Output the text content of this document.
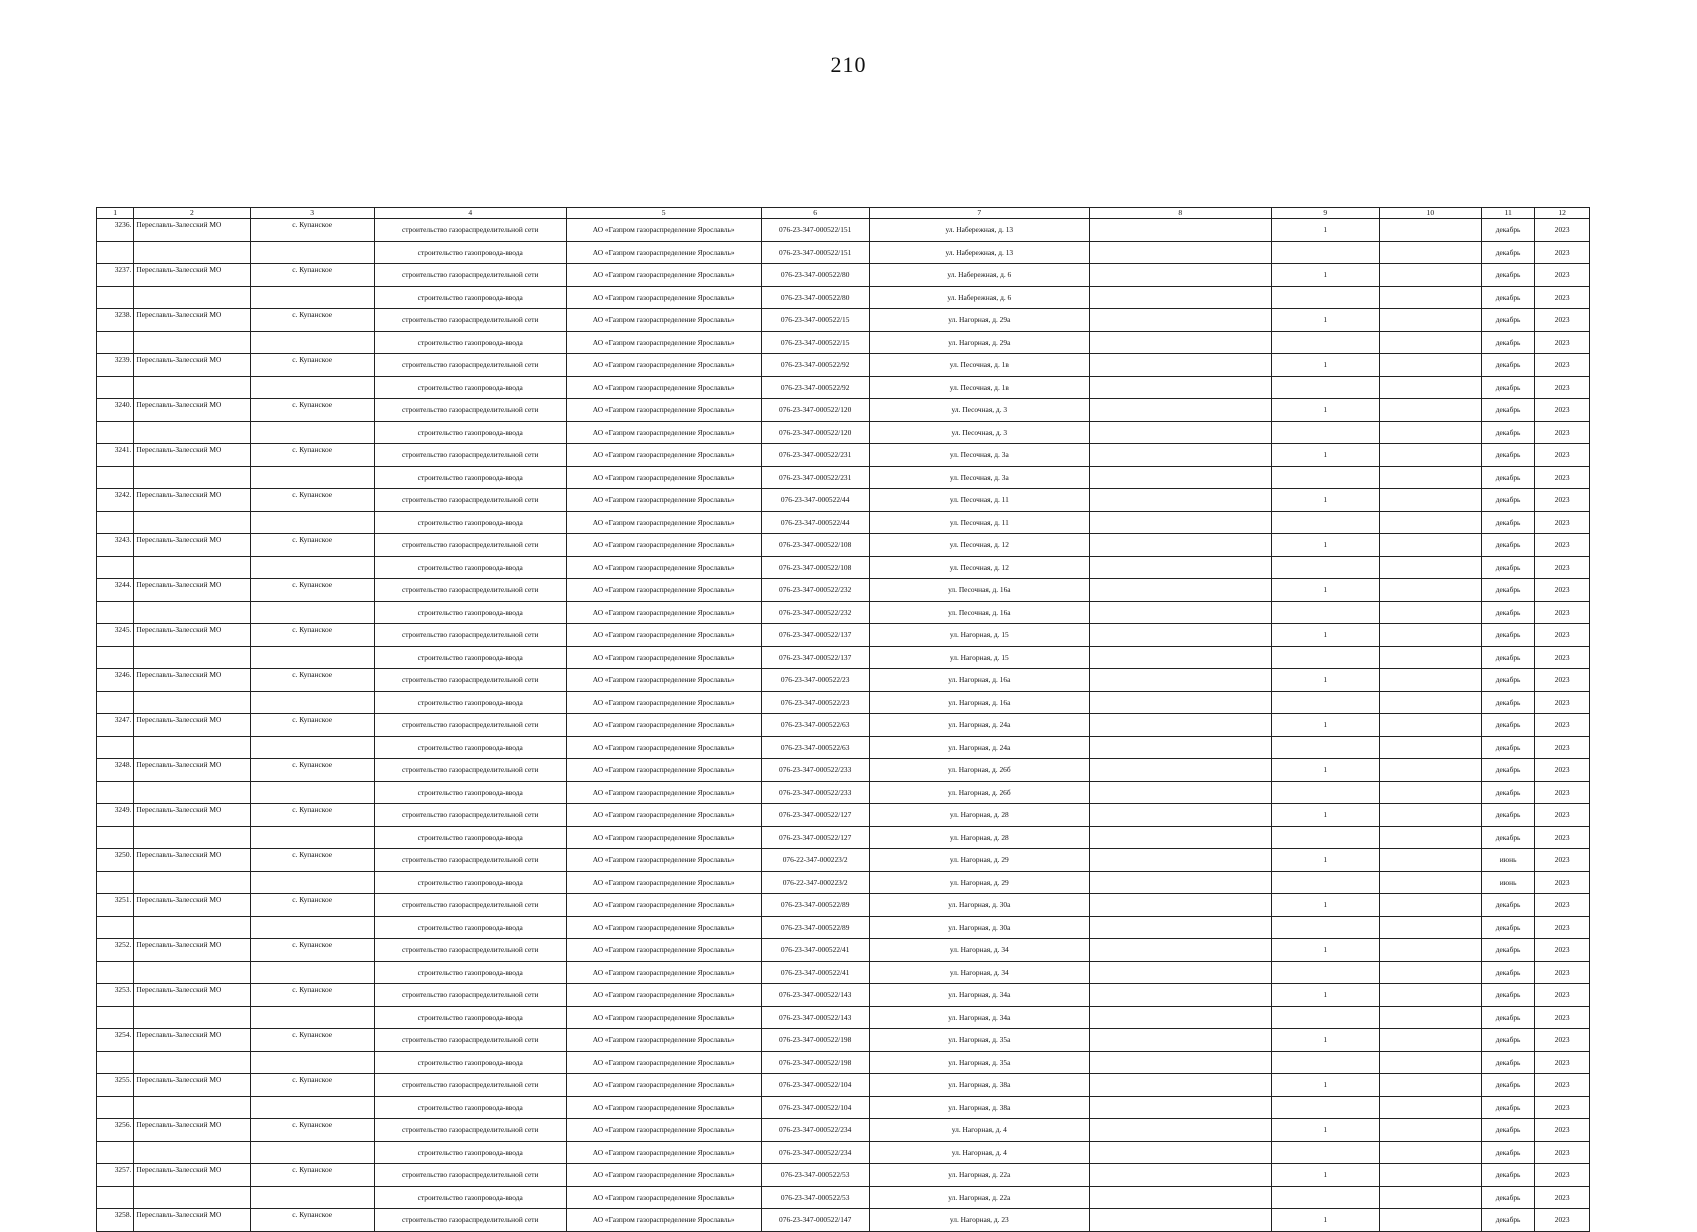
210
1	2	3	4	5	6	7	8	9	10	11	12
3236.	Переславль-Залесский МО	с. Купанское	строительство газораспределительной сети	АО «Газпром газораспределение Ярославль»	076-23-347-000522/151	ул. Набережная, д. 13		1		декабрь	2023
			строительство газопровода-ввода	АО «Газпром газораспределение Ярославль»	076-23-347-000522/151	ул. Набережная, д. 13				декабрь	2023
3237.	Переславль-Залесский МО	с. Купанское	строительство газораспределительной сети	АО «Газпром газораспределение Ярославль»	076-23-347-000522/80	ул. Набережная, д. 6		1		декабрь	2023
			строительство газопровода-ввода	АО «Газпром газораспределение Ярославль»	076-23-347-000522/80	ул. Набережная, д. 6				декабрь	2023
3238.	Переславль-Залесский МО	с. Купанское	строительство газораспределительной сети	АО «Газпром газораспределение Ярославль»	076-23-347-000522/15	ул. Нагорная, д. 29а		1		декабрь	2023
			строительство газопровода-ввода	АО «Газпром газораспределение Ярославль»	076-23-347-000522/15	ул. Нагорная, д. 29а				декабрь	2023
3239.	Переславль-Залесский МО	с. Купанское	строительство газораспределительной сети	АО «Газпром газораспределение Ярославль»	076-23-347-000522/92	ул. Песочная, д. 1в		1		декабрь	2023
			строительство газопровода-ввода	АО «Газпром газораспределение Ярославль»	076-23-347-000522/92	ул. Песочная, д. 1в				декабрь	2023
3240.	Переславль-Залесский МО	с. Купанское	строительство газораспределительной сети	АО «Газпром газораспределение Ярославль»	076-23-347-000522/120	ул. Песочная, д. 3		1		декабрь	2023
			строительство газопровода-ввода	АО «Газпром газораспределение Ярославль»	076-23-347-000522/120	ул. Песочная, д. 3				декабрь	2023
3241.	Переславль-Залесский МО	с. Купанское	строительство газораспределительной сети	АО «Газпром газораспределение Ярославль»	076-23-347-000522/231	ул. Песочная, д. 3а		1		декабрь	2023
			строительство газопровода-ввода	АО «Газпром газораспределение Ярославль»	076-23-347-000522/231	ул. Песочная, д. 3а				декабрь	2023
3242.	Переславль-Залесский МО	с. Купанское	строительство газораспределительной сети	АО «Газпром газораспределение Ярославль»	076-23-347-000522/44	ул. Песочная, д. 11		1		декабрь	2023
			строительство газопровода-ввода	АО «Газпром газораспределение Ярославль»	076-23-347-000522/44	ул. Песочная, д. 11				декабрь	2023
3243.	Переславль-Залесский МО	с. Купанское	строительство газораспределительной сети	АО «Газпром газораспределение Ярославль»	076-23-347-000522/108	ул. Песочная, д. 12		1		декабрь	2023
			строительство газопровода-ввода	АО «Газпром газораспределение Ярославль»	076-23-347-000522/108	ул. Песочная, д. 12				декабрь	2023
3244.	Переславль-Залесский МО	с. Купанское	строительство газораспределительной сети	АО «Газпром газораспределение Ярославль»	076-23-347-000522/232	ул. Песочная, д. 16а		1		декабрь	2023
			строительство газопровода-ввода	АО «Газпром газораспределение Ярославль»	076-23-347-000522/232	ул. Песочная, д. 16а				декабрь	2023
3245.	Переславль-Залесский МО	с. Купанское	строительство газораспределительной сети	АО «Газпром газораспределение Ярославль»	076-23-347-000522/137	ул. Нагорная, д. 15		1		декабрь	2023
			строительство газопровода-ввода	АО «Газпром газораспределение Ярославль»	076-23-347-000522/137	ул. Нагорная, д. 15				декабрь	2023
3246.	Переславль-Залесский МО	с. Купанское	строительство газораспределительной сети	АО «Газпром газораспределение Ярославль»	076-23-347-000522/23	ул. Нагорная, д. 16а		1		декабрь	2023
			строительство газопровода-ввода	АО «Газпром газораспределение Ярославль»	076-23-347-000522/23	ул. Нагорная, д. 16а				декабрь	2023
3247.	Переславль-Залесский МО	с. Купанское	строительство газораспределительной сети	АО «Газпром газораспределение Ярославль»	076-23-347-000522/63	ул. Нагорная, д. 24а		1		декабрь	2023
			строительство газопровода-ввода	АО «Газпром газораспределение Ярославль»	076-23-347-000522/63	ул. Нагорная, д. 24а				декабрь	2023
3248.	Переславль-Залесский МО	с. Купанское	строительство газораспределительной сети	АО «Газпром газораспределение Ярославль»	076-23-347-000522/233	ул. Нагорная, д. 26б		1		декабрь	2023
			строительство газопровода-ввода	АО «Газпром газораспределение Ярославль»	076-23-347-000522/233	ул. Нагорная, д. 26б				декабрь	2023
3249.	Переславль-Залесский МО	с. Купанское	строительство газораспределительной сети	АО «Газпром газораспределение Ярославль»	076-23-347-000522/127	ул. Нагорная, д. 28		1		декабрь	2023
			строительство газопровода-ввода	АО «Газпром газораспределение Ярославль»	076-23-347-000522/127	ул. Нагорная, д. 28				декабрь	2023
3250.	Переславль-Залесский МО	с. Купанское	строительство газораспределительной сети	АО «Газпром газораспределение Ярославль»	076-22-347-000223/2	ул. Нагорная, д. 29		1		июнь	2023
			строительство газопровода-ввода	АО «Газпром газораспределение Ярославль»	076-22-347-000223/2	ул. Нагорная, д. 29				июнь	2023
3251.	Переславль-Залесский МО	с. Купанское	строительство газораспределительной сети	АО «Газпром газораспределение Ярославль»	076-23-347-000522/89	ул. Нагорная, д. 30а		1		декабрь	2023
			строительство газопровода-ввода	АО «Газпром газораспределение Ярославль»	076-23-347-000522/89	ул. Нагорная, д. 30а				декабрь	2023
3252.	Переславль-Залесский МО	с. Купанское	строительство газораспределительной сети	АО «Газпром газораспределение Ярославль»	076-23-347-000522/41	ул. Нагорная, д. 34		1		декабрь	2023
			строительство газопровода-ввода	АО «Газпром газораспределение Ярославль»	076-23-347-000522/41	ул. Нагорная, д. 34				декабрь	2023
3253.	Переславль-Залесский МО	с. Купанское	строительство газораспределительной сети	АО «Газпром газораспределение Ярославль»	076-23-347-000522/143	ул. Нагорная, д. 34а		1		декабрь	2023
			строительство газопровода-ввода	АО «Газпром газораспределение Ярославль»	076-23-347-000522/143	ул. Нагорная, д. 34а				декабрь	2023
3254.	Переславль-Залесский МО	с. Купанское	строительство газораспределительной сети	АО «Газпром газораспределение Ярославль»	076-23-347-000522/198	ул. Нагорная, д. 35а		1		декабрь	2023
			строительство газопровода-ввода	АО «Газпром газораспределение Ярославль»	076-23-347-000522/198	ул. Нагорная, д. 35а				декабрь	2023
3255.	Переславль-Залесский МО	с. Купанское	строительство газораспределительной сети	АО «Газпром газораспределение Ярославль»	076-23-347-000522/104	ул. Нагорная, д. 38а		1		декабрь	2023
			строительство газопровода-ввода	АО «Газпром газораспределение Ярославль»	076-23-347-000522/104	ул. Нагорная, д. 38а				декабрь	2023
3256.	Переславль-Залесский МО	с. Купанское	строительство газораспределительной сети	АО «Газпром газораспределение Ярославль»	076-23-347-000522/234	ул. Нагорная, д. 4		1		декабрь	2023
			строительство газопровода-ввода	АО «Газпром газораспределение Ярославль»	076-23-347-000522/234	ул. Нагорная, д. 4				декабрь	2023
3257.	Переславль-Залесский МО	с. Купанское	строительство газораспределительной сети	АО «Газпром газораспределение Ярославль»	076-23-347-000522/53	ул. Нагорная, д. 22а		1		декабрь	2023
			строительство газопровода-ввода	АО «Газпром газораспределение Ярославль»	076-23-347-000522/53	ул. Нагорная, д. 22а				декабрь	2023
3258.	Переславль-Залесский МО	с. Купанское	строительство газораспределительной сети	АО «Газпром газораспределение Ярославль»	076-23-347-000522/147	ул. Нагорная, д. 23		1		декабрь	2023
